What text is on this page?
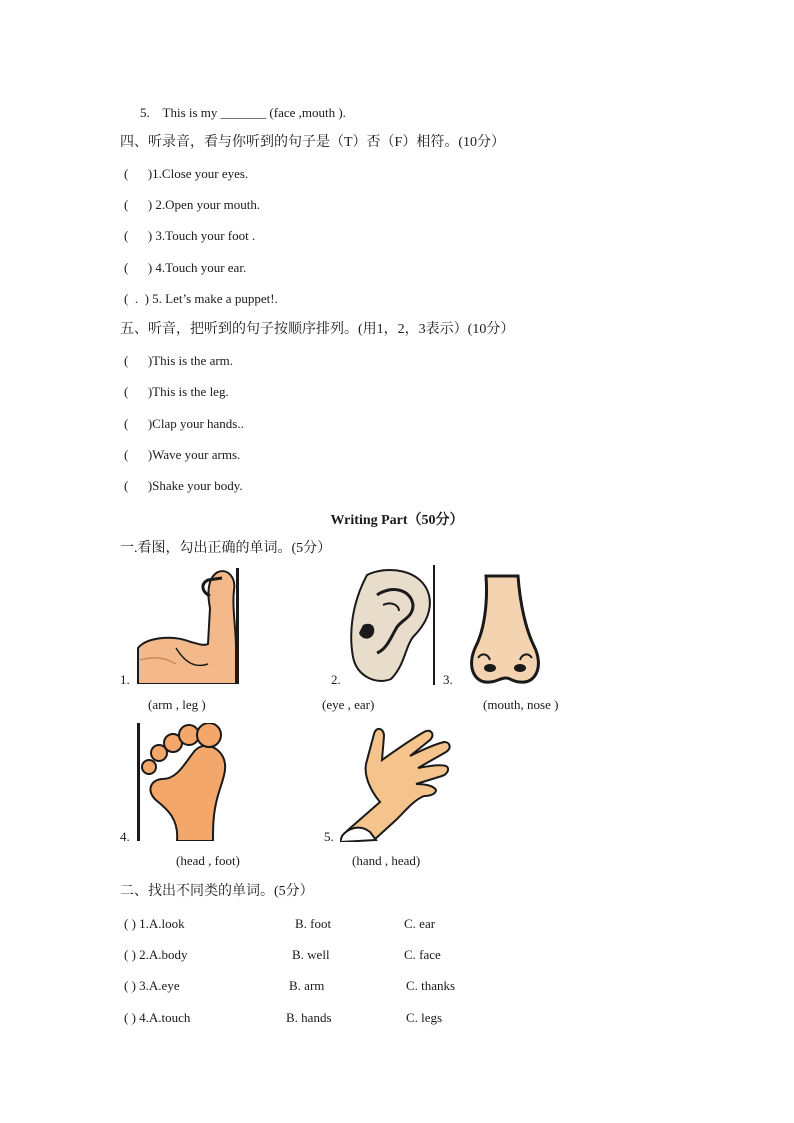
5.    This is my _______ (face ,mouth ).
四、听录音，看与你听到的句子是（T）否（F）相符。(10分）
(      )1.Close your eyes.
(      ) 2.Open your mouth.
(      ) 3.Touch your foot .
(      ) 4.Touch your ear.
(  .  ) 5. Let’s make a puppet!.
五、听音，把听到的句子按顺序排列。(用1，2，3表示）(10分）
(      )This is the arm.
(      )This is the leg.
(      )Clap your hands..
(      )Wave your arms.
(      )Shake your body.
Writing Part（50分）
一.看图，勾出正确的单词。(5分）
1.	2.	3.
(arm , leg )	(eye , ear)	(mouth, nose )
4.	5.
(head , foot)	(hand , head)
二、找出不同类的单词。(5分）
( ) 1.A.look	B. foot	C. ear
( ) 2.A.body	B. well	C. face
( ) 3.A.eye	B. arm	C. thanks
( ) 4.A.touch	B. hands	C. legs
